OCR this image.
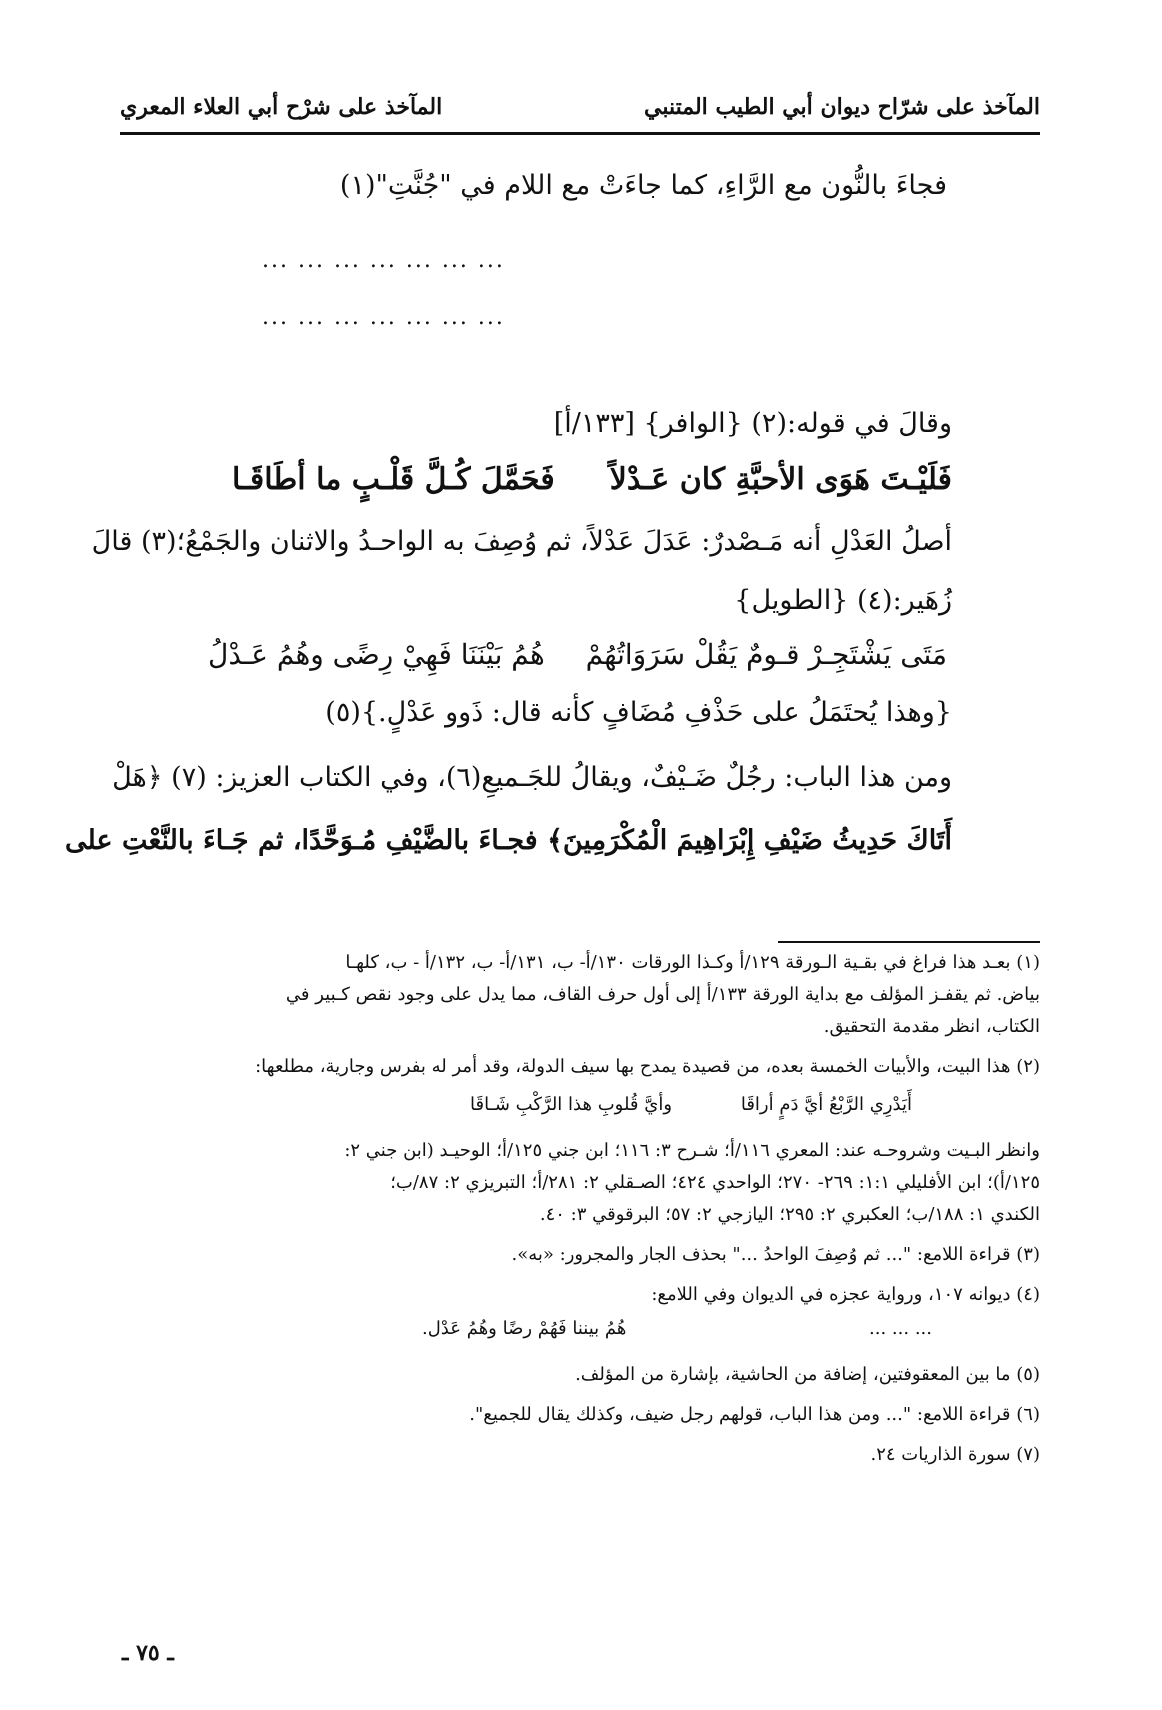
المآخذ على شرّاح ديوان أبي الطيب المتنبي
المآخذ على شرْح أبي العلاء المعري
فجاءَ بالنُّون مع الرَّاءِ، كما جاءَتْ مع اللام في "جُنَّتِ"(١)
... ... ... ... ... ... ...
... ... ... ... ... ... ...
وقالَ في قوله:(٢) {الوافر} [١٣٣/أ]
فَلَيْـتَ هَوَى الأحبَّةِ كان عَـدْلاً
فَحَمَّلَ كُـلَّ قَلْـبٍ ما أطَاقَـا
أصلُ العَدْلِ أنه مَـصْدرٌ: عَدَلَ عَدْلاً، ثم وُصِفَ به الواحـدُ والاثنان والجَمْعُ؛(٣) قالَ
زُهَير:(٤) {الطويل}
مَتَى يَشْتَجِـرْ قـومٌ يَقُلْ سَرَوَاتُهُمْ
هُمُ بَيْنَنَا فَهِيْ رِضًى وهُمُ عَـدْلُ
{وهذا يُحتَمَلُ على حَذْفِ مُضَافٍ كأنه قال: ذَوو عَدْلٍ.}(٥)
ومن هذا الباب: رجُلٌ ضَـيْفٌ، ويقالُ للجَـميعِ(٦)، وفي الكتاب العزيز: (٧) ﴿هَلْ
أَتَاكَ حَدِيثُ ضَيْفِ إِبْرَاهِيمَ الْمُكْرَمِينَ﴾ فجـاءَ بالضَّيْفِ مُـوَحَّدًا، ثم جَـاءَ بالنَّعْتِ على
(١) بعـد هذا فراغ في بقـية الـورقة ١٢٩/أ وكـذا الورقات ١٣٠/أ- ب، ١٣١/أ- ب، ١٣٢/أ - ب، كلهـا
بياض. ثم يقفـز المؤلف مع بداية الورقة ١٣٣/أ إلى أول حرف القاف، مما يدل على وجود نقص كـبير في
الكتاب، انظر مقدمة التحقيق.
(٢) هذا البيت، والأبيات الخمسة بعده، من قصيدة يمدح بها سيف الدولة، وقد أمر له بفرس وجارية، مطلعها:
أَيَدْرِي الرَّبْعُ أيَّ دَمٍ أراقَا
وأيَّ قُلوبِ هذا الرَّكْبِ شَـاقَا
وانظر البـيت وشروحـه عند: المعري ١١٦/أ؛ شـرح ٣: ١١٦؛ ابن جني ١٢٥/أ؛ الوحيـد (ابن جني ٢:
١٢٥/أ)؛ ابن الأفليلي ١:١: ٢٦٩- ٢٧٠؛ الواحدي ٤٢٤؛ الصـقلي ٢: ٢٨١/أ؛ التبريزي ٢: ٨٧/ب؛
الكندي ١: ١٨٨/ب؛ العكبري ٢: ٢٩٥؛ اليازجي ٢: ٥٧؛ البرقوقي ٣: ٤٠.
(٣) قراءة اللامع: "... ثم وُصِفَ الواحدُ ..." بحذف الجار والمجرور: «به».
(٤) ديوانه ١٠٧، ورواية عجزه في الديوان وفي اللامع:
... ... ...
هُمُ بيننا فَهُمْ رضًا وهُمُ عَدْل.
(٥) ما بين المعقوفتين، إضافة من الحاشية، بإشارة من المؤلف.
(٦) قراءة اللامع: "... ومن هذا الباب، قولهم رجل ضيف، وكذلك يقال للجميع".
(٧) سورة الذاريات ٢٤.
ـ ٧٥ ـ
